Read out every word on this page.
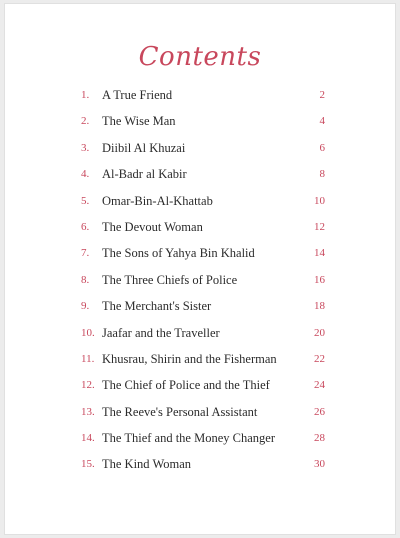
Contents
1.	A True Friend	2
2.	The Wise Man	4
3.	Diibil Al Khuzai	6
4.	Al-Badr al Kabir	8
5.	Omar-Bin-Al-Khattab	10
6.	The Devout Woman	12
7.	The Sons of Yahya Bin Khalid	14
8.	The Three Chiefs of Police	16
9.	The Merchant's Sister	18
10. Jaafar and the Traveller	20
11. Khusrau, Shirin and the Fisherman	22
12. The Chief of Police and the Thief	24
13. The Reeve's Personal Assistant	26
14. The Thief and the Money Changer	28
15. The Kind Woman	30
